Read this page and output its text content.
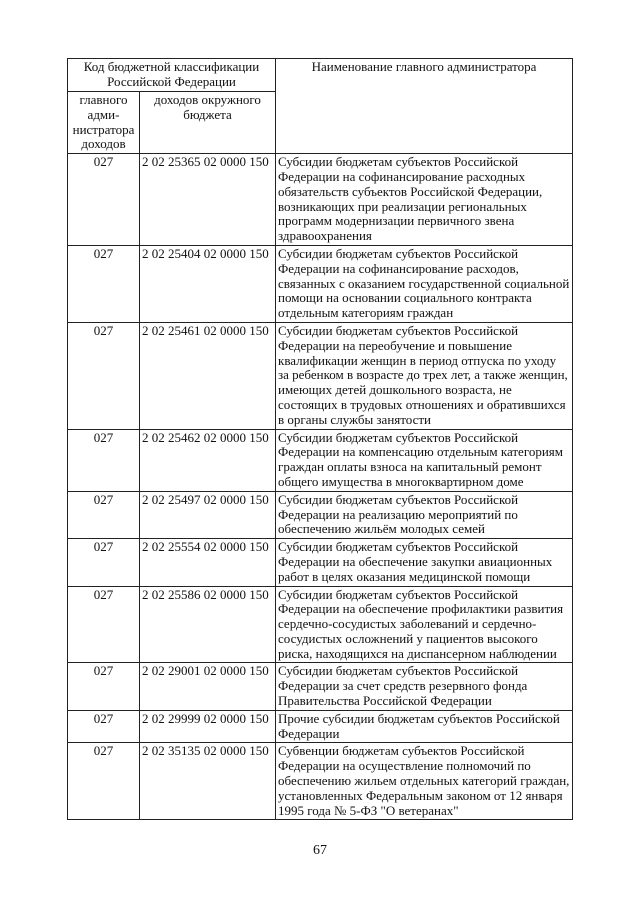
Код бюджетной классификации Российской Федерации		Наименование главного администратора
главного адми-нистратора доходов	доходов окружного бюджета	
027	2 02 25365 02 0000 150	Субсидии бюджетам субъектов Российской Федерации на софинансирование расходных обязательств субъектов Российской Федерации, возникающих при реализации региональных программ модернизации первичного звена здравоохранения
027	2 02 25404 02 0000 150	Субсидии бюджетам субъектов Российской Федерации на софинансирование расходов, связанных с оказанием государственной социальной помощи на основании социального контракта отдельным категориям граждан
027	2 02 25461 02 0000 150	Субсидии бюджетам субъектов Российской Федерации на переобучение и повышение квалификации женщин в период отпуска по уходу за ребенком в возрасте до трех лет, а также женщин, имеющих детей дошкольного возраста, не состоящих в трудовых отношениях и обратившихся в органы службы занятости
027	2 02 25462 02 0000 150	Субсидии бюджетам субъектов Российской Федерации на компенсацию отдельным категориям граждан оплаты взноса на капитальный ремонт общего имущества в многоквартирном доме
027	2 02 25497 02 0000 150	Субсидии бюджетам субъектов Российской Федерации на реализацию мероприятий по обеспечению жильём молодых семей
027	2 02 25554 02 0000 150	Субсидии бюджетам субъектов Российской Федерации на обеспечение закупки авиационных работ в целях оказания медицинской помощи
027	2 02 25586 02 0000 150	Субсидии бюджетам субъектов Российской Федерации на обеспечение профилактики развития сердечно-сосудистых заболеваний и сердечно-сосудистых осложнений у пациентов высокого риска, находящихся на диспансерном наблюдении
027	2 02 29001 02 0000 150	Субсидии бюджетам субъектов Российской Федерации за счет средств резервного фонда Правительства Российской Федерации
027	2 02 29999 02 0000 150	Прочие субсидии бюджетам субъектов Российской Федерации
027	2 02 35135 02 0000 150	Субвенции бюджетам субъектов Российской Федерации на осуществление полномочий по обеспечению жильем отдельных категорий граждан, установленных Федеральным законом от 12 января 1995 года № 5-ФЗ "О ветеранах"
67
